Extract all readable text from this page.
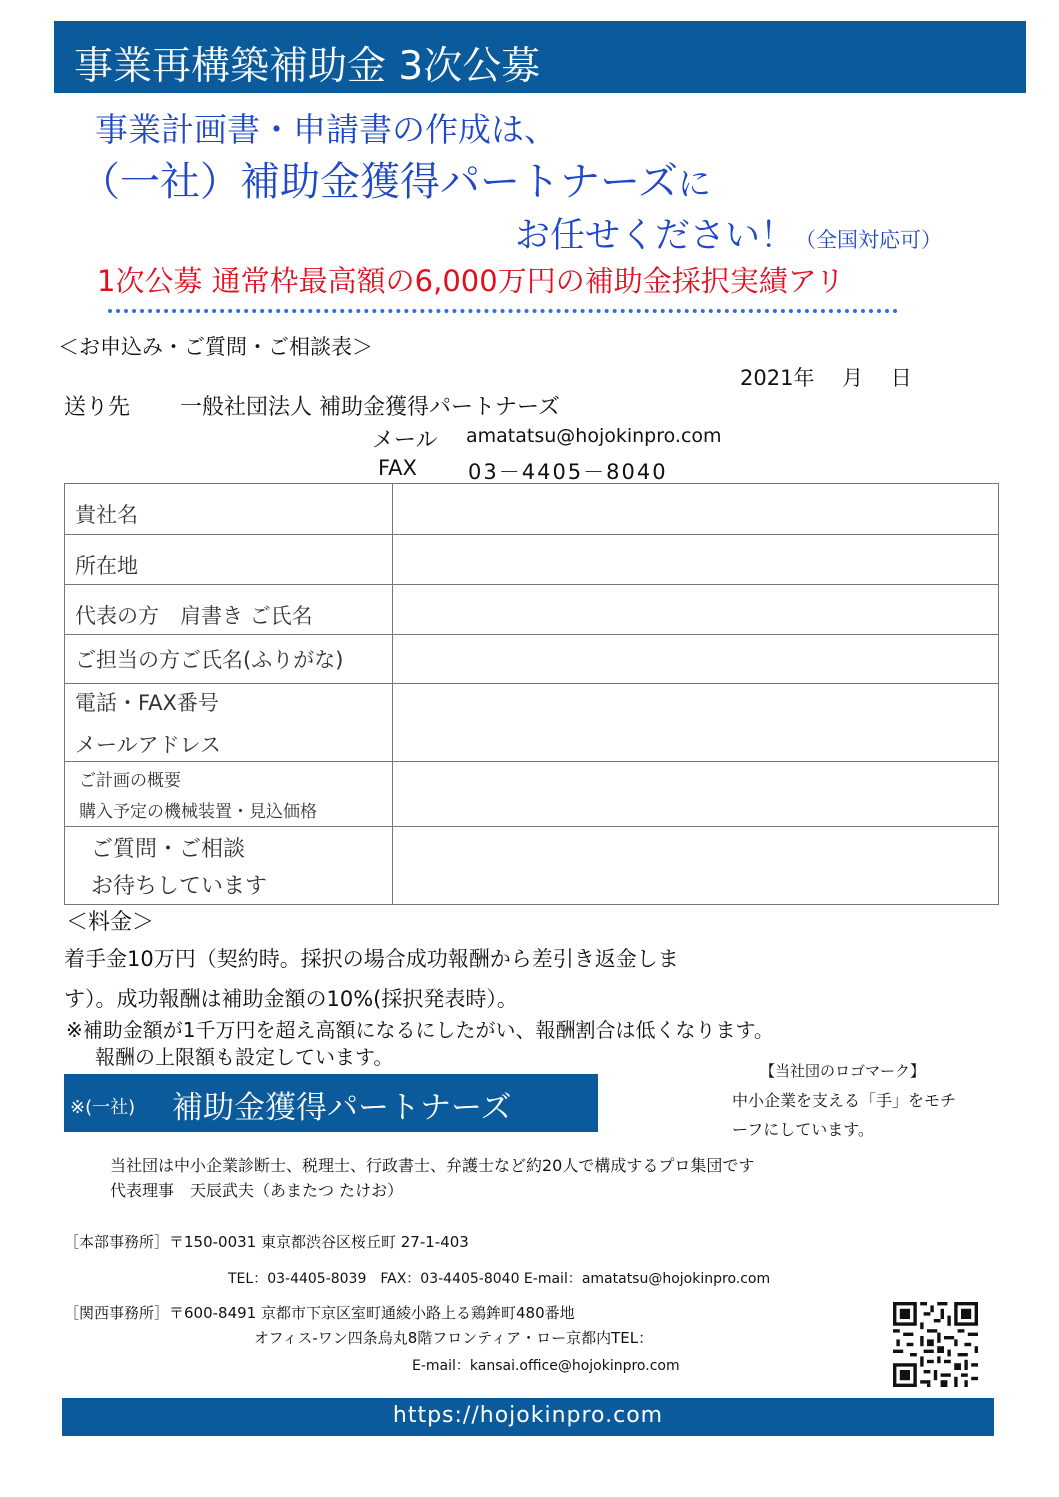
事業再構築補助金 3次公募
事業計画書・申請書の作成は、
（一社）補助金獲得パートナーズに
お任せください！（全国対応可）
1次公募 通常枠最高額の6,000万円の補助金採択実績アリ
＜お申込み・ご質問・ご相談表＞
2021年　 月　 日
送り先 一般社団法人 補助金獲得パートナーズ
メール amatatsu@hojokinpro.com
FAX 03－4405－8040
貴社名	

所在地	

代表の方　肩書き ご氏名	

ご担当の方ご氏名(ふりがな)	

電話・FAX番号
メールアドレス	

ご計画の概要
購入予定の機械装置・見込価格	

ご質問・ご相談
お待ちしています	

＜料金＞
着手金10万円（契約時。採択の場合成功報酬から差引き返金しま
す）。成功報酬は補助金額の10%(採択発表時）。
※補助金額が1千万円を超え高額になるにしたがい、報酬割合は低くなります。
報酬の上限額も設定しています。
※(一社) 補助金獲得パートナーズ
【当社団のロゴマーク】
中小企業を支える「手」をモチ
ーフにしています。
当社団は中小企業診断士、税理士、行政書士、弁護士など約20人で構成するプロ集団です
代表理事　天辰武夫（あまたつ たけお）
［本部事務所］〒150-0031 東京都渋谷区桜丘町 27-1-403
TEL：03-4405-8039　FAX：03-4405-8040 E-mail：amatatsu@hojokinpro.com
［関西事務所］〒600-8491 京都市下京区室町通綾小路上る鶏鉾町480番地
オフィス-ワン四条烏丸8階フロンティア・ロー京都内TEL：
E-mail：kansai.office@hojokinpro.com
https://hojokinpro.com
